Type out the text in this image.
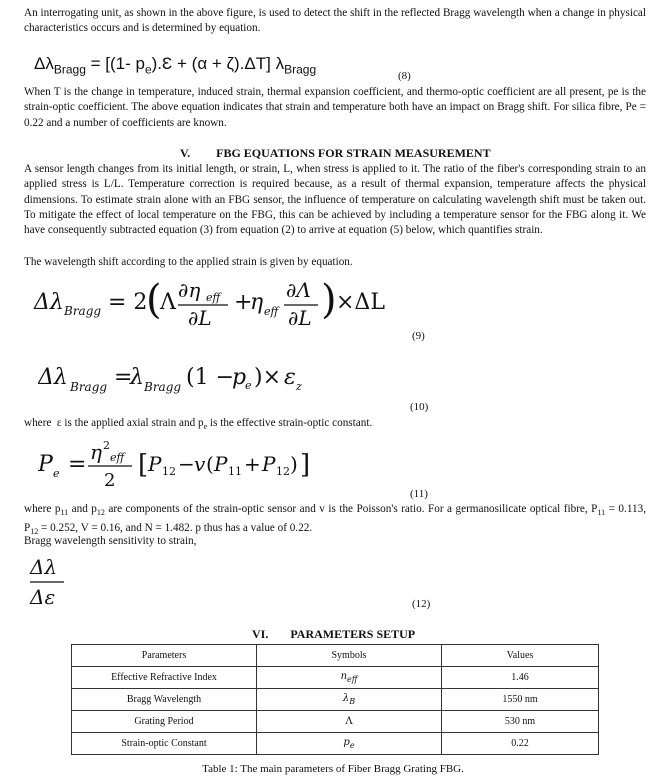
An interrogating unit, as shown in the above figure, is used to detect the shift in the reflected Bragg wavelength when a change in physical characteristics occurs and is determined by equation.

$\Delta\lambda_{Bragg} = [(1-$ $p_e).Ɛ + (\alpha + \zeta).\Delta T$] $\lambda_{Bragg}$	(8)

When T is the change in temperature, induced strain, thermal expansion coefficient, and thermo-optic coefficient are all present, pe is the strain-optic coefficient. The above equation indicates that strain and temperature both have an impact on Bragg shift. For silica fibre, Pe = 0.22 and a number of coefficients are known.

V. FBG EQUATIONS FOR STRAIN MEASUREMENT

A sensor length changes from its initial length, or strain, L, when stress is applied to it. The ratio of the fiber's corresponding strain to an applied stress is L/L. Temperature correction is required because, as a result of thermal expansion, temperature affects the physical dimensions. To estimate strain alone with an FBG sensor, the influence of temperature on calculating wavelength shift must be taken out. To mitigate the effect of local temperature on the FBG, this can be achieved by including a temperature sensor for the FBG along it. We have consequently subtracted equation (3) from equation (2) to arrive at equation (5) below, which quantifies strain.

The wavelength shift according to the applied strain is given by equation.

Δλ Bragg = 2
(
Λ ∂η eff
∂L
+
η eff
∂Λ
∂L ) ×ΔL
(9)
Δλ Bragg =
λ Bragg (1 −
p
e )× ε z
(10)

where  ε is the applied axial strain and $p_e$ is the effective strain-optic constant.

P e = η 2
eff
2
[ P 12 − v ( P 11 + P 12 ) ]
(11)

where $p_{11}$ and $p_{12}$ are components of the strain-optic sensor and v is the Poisson's ratio. For a germanosilicate optical fibre, $P_{11} = 0.113$, $P_{12} = 0.252$, V = 0.16, and N = 1.482. p thus has a value of 0.22.

Bragg wavelength sensitivity to strain,

Δλ
Δε	(12)
VI. PARAMETERS SETUP
Parameters	Symbols	Values
Effective Refractive Index	$n_{eff}$	1.46
Bragg Wavelength	$\lambda_B$	1550 nm
Grating Period	Λ	530 nm
Strain-optic Constant	$p_e$	0.22
Table 1: The main parameters of Fiber Bragg Grating FBG.
